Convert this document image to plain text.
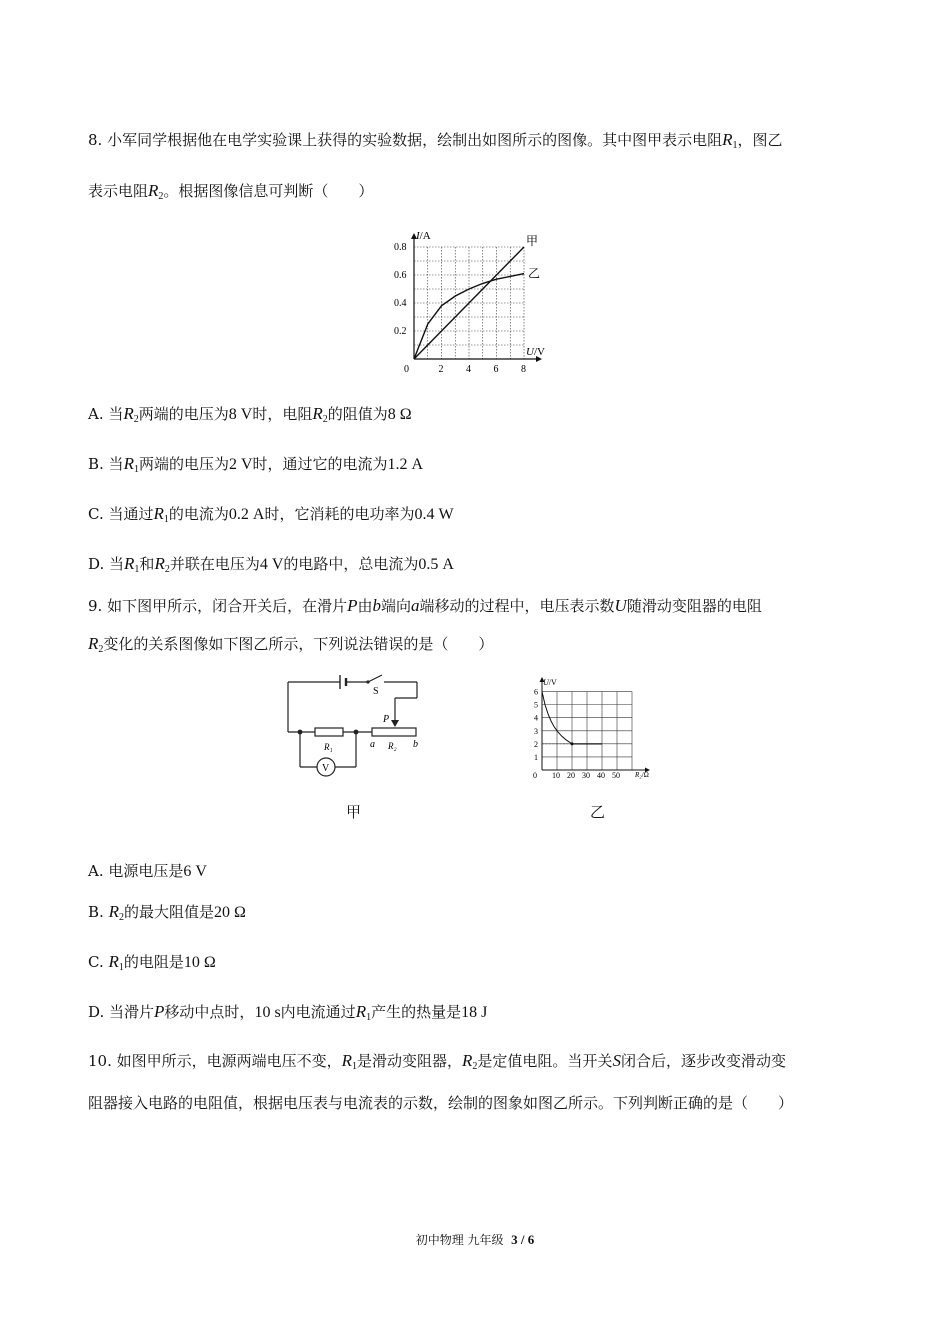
8. 小军同学根据他在电学实验课上获得的实验数据，绘制出如图所示的图像。其中图甲表示电阻$R_1$，图乙
表示电阻$R_2$。根据图像信息可判断（　　）
0	2 4 6 8
0.2
0.4
0.6
0.8	甲
乙
I/A
U/V
A. 当$R_2$两端的电压为8 V时，电阻$R_2$的阻值为8 Ω
B. 当$R_1$两端的电压为2 V时，通过它的电流为1.2 A
C. 当通过$R_1$的电流为0.2 A时，它消耗的电功率为0.4 W
D. 当$R_1$和$R_2$并联在电压为4 V的电路中，总电流为0.5 A
9. 如下图甲所示，闭合开关后，在滑片P由b端向a端移动的过程中，电压表示数U随滑动变阻器的电阻
$R_2$变化的关系图像如下图乙所示，下列说法错误的是（　　）
S
P
R₁	a R₂ b
V
0 10 20 30 40 50
1
2
3
4
5
6
U/V
R₂/Ω
甲	乙
A. 电源电压是6 V
B. $R_2$的最大阻值是20 Ω
C. $R_1$的电阻是10 Ω
D. 当滑片P移动中点时，10 s内电流通过$R_1$产生的热量是18 J
10. 如图甲所示，电源两端电压不变，$R_1$是滑动变阻器，$R_2$是定值电阻。当开关S闭合后，逐步改变滑动变
阻器接入电路的电阻值，根据电压表与电流表的示数，绘制的图象如图乙所示。下列判断正确的是（　　）
初中物理 九年级 3 / 6
